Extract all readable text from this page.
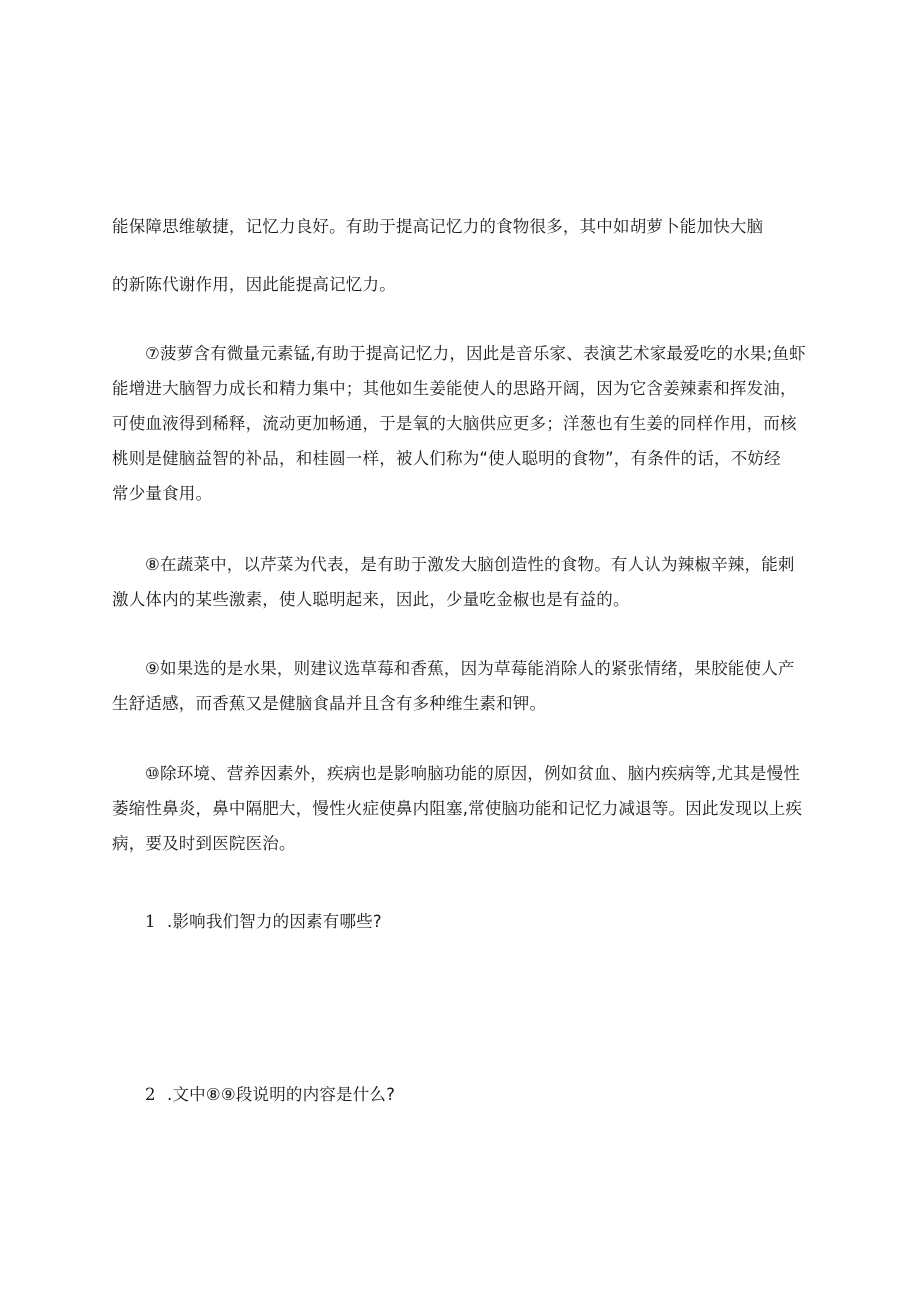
能保障思维敏捷，记忆力良好。有助于提高记忆力的食物很多，其中如胡萝卜能加快大脑
的新陈代谢作用，因此能提高记忆力。
⑦菠萝含有微量元素锰,有助于提高记忆力，因此是音乐家、表演艺术家最爱吃的水果;鱼虾
能增进大脑智力成长和精力集中；其他如生姜能使人的思路开阔，因为它含姜辣素和挥发油，
可使血液得到稀释，流动更加畅通，于是氧的大脑供应更多；洋葱也有生姜的同样作用，而核
桃则是健脑益智的补品，和桂圆一样，被人们称为“使人聪明的食物”，有条件的话，不妨经
常少量食用。
⑧在蔬菜中，以芹菜为代表，是有助于激发大脑创造性的食物。有人认为辣椒辛辣，能刺
激人体内的某些激素，使人聪明起来，因此，少量吃金椒也是有益的。
⑨如果选的是水果，则建议选草莓和香蕉，因为草莓能消除人的紧张情绪，果胶能使人产
生舒适感，而香蕉又是健脑食晶并且含有多种维生素和钾。
⑩除环境、营养因素外，疾病也是影响脑功能的原因，例如贫血、脑内疾病等,尤其是慢性
萎缩性鼻炎，鼻中隔肥大，慢性火症使鼻内阻塞,常使脑功能和记忆力减退等。因此发现以上疾
病，要及时到医院医治。
1 .影响我们智力的因素有哪些?
2 .文中⑧⑨段说明的内容是什么?
